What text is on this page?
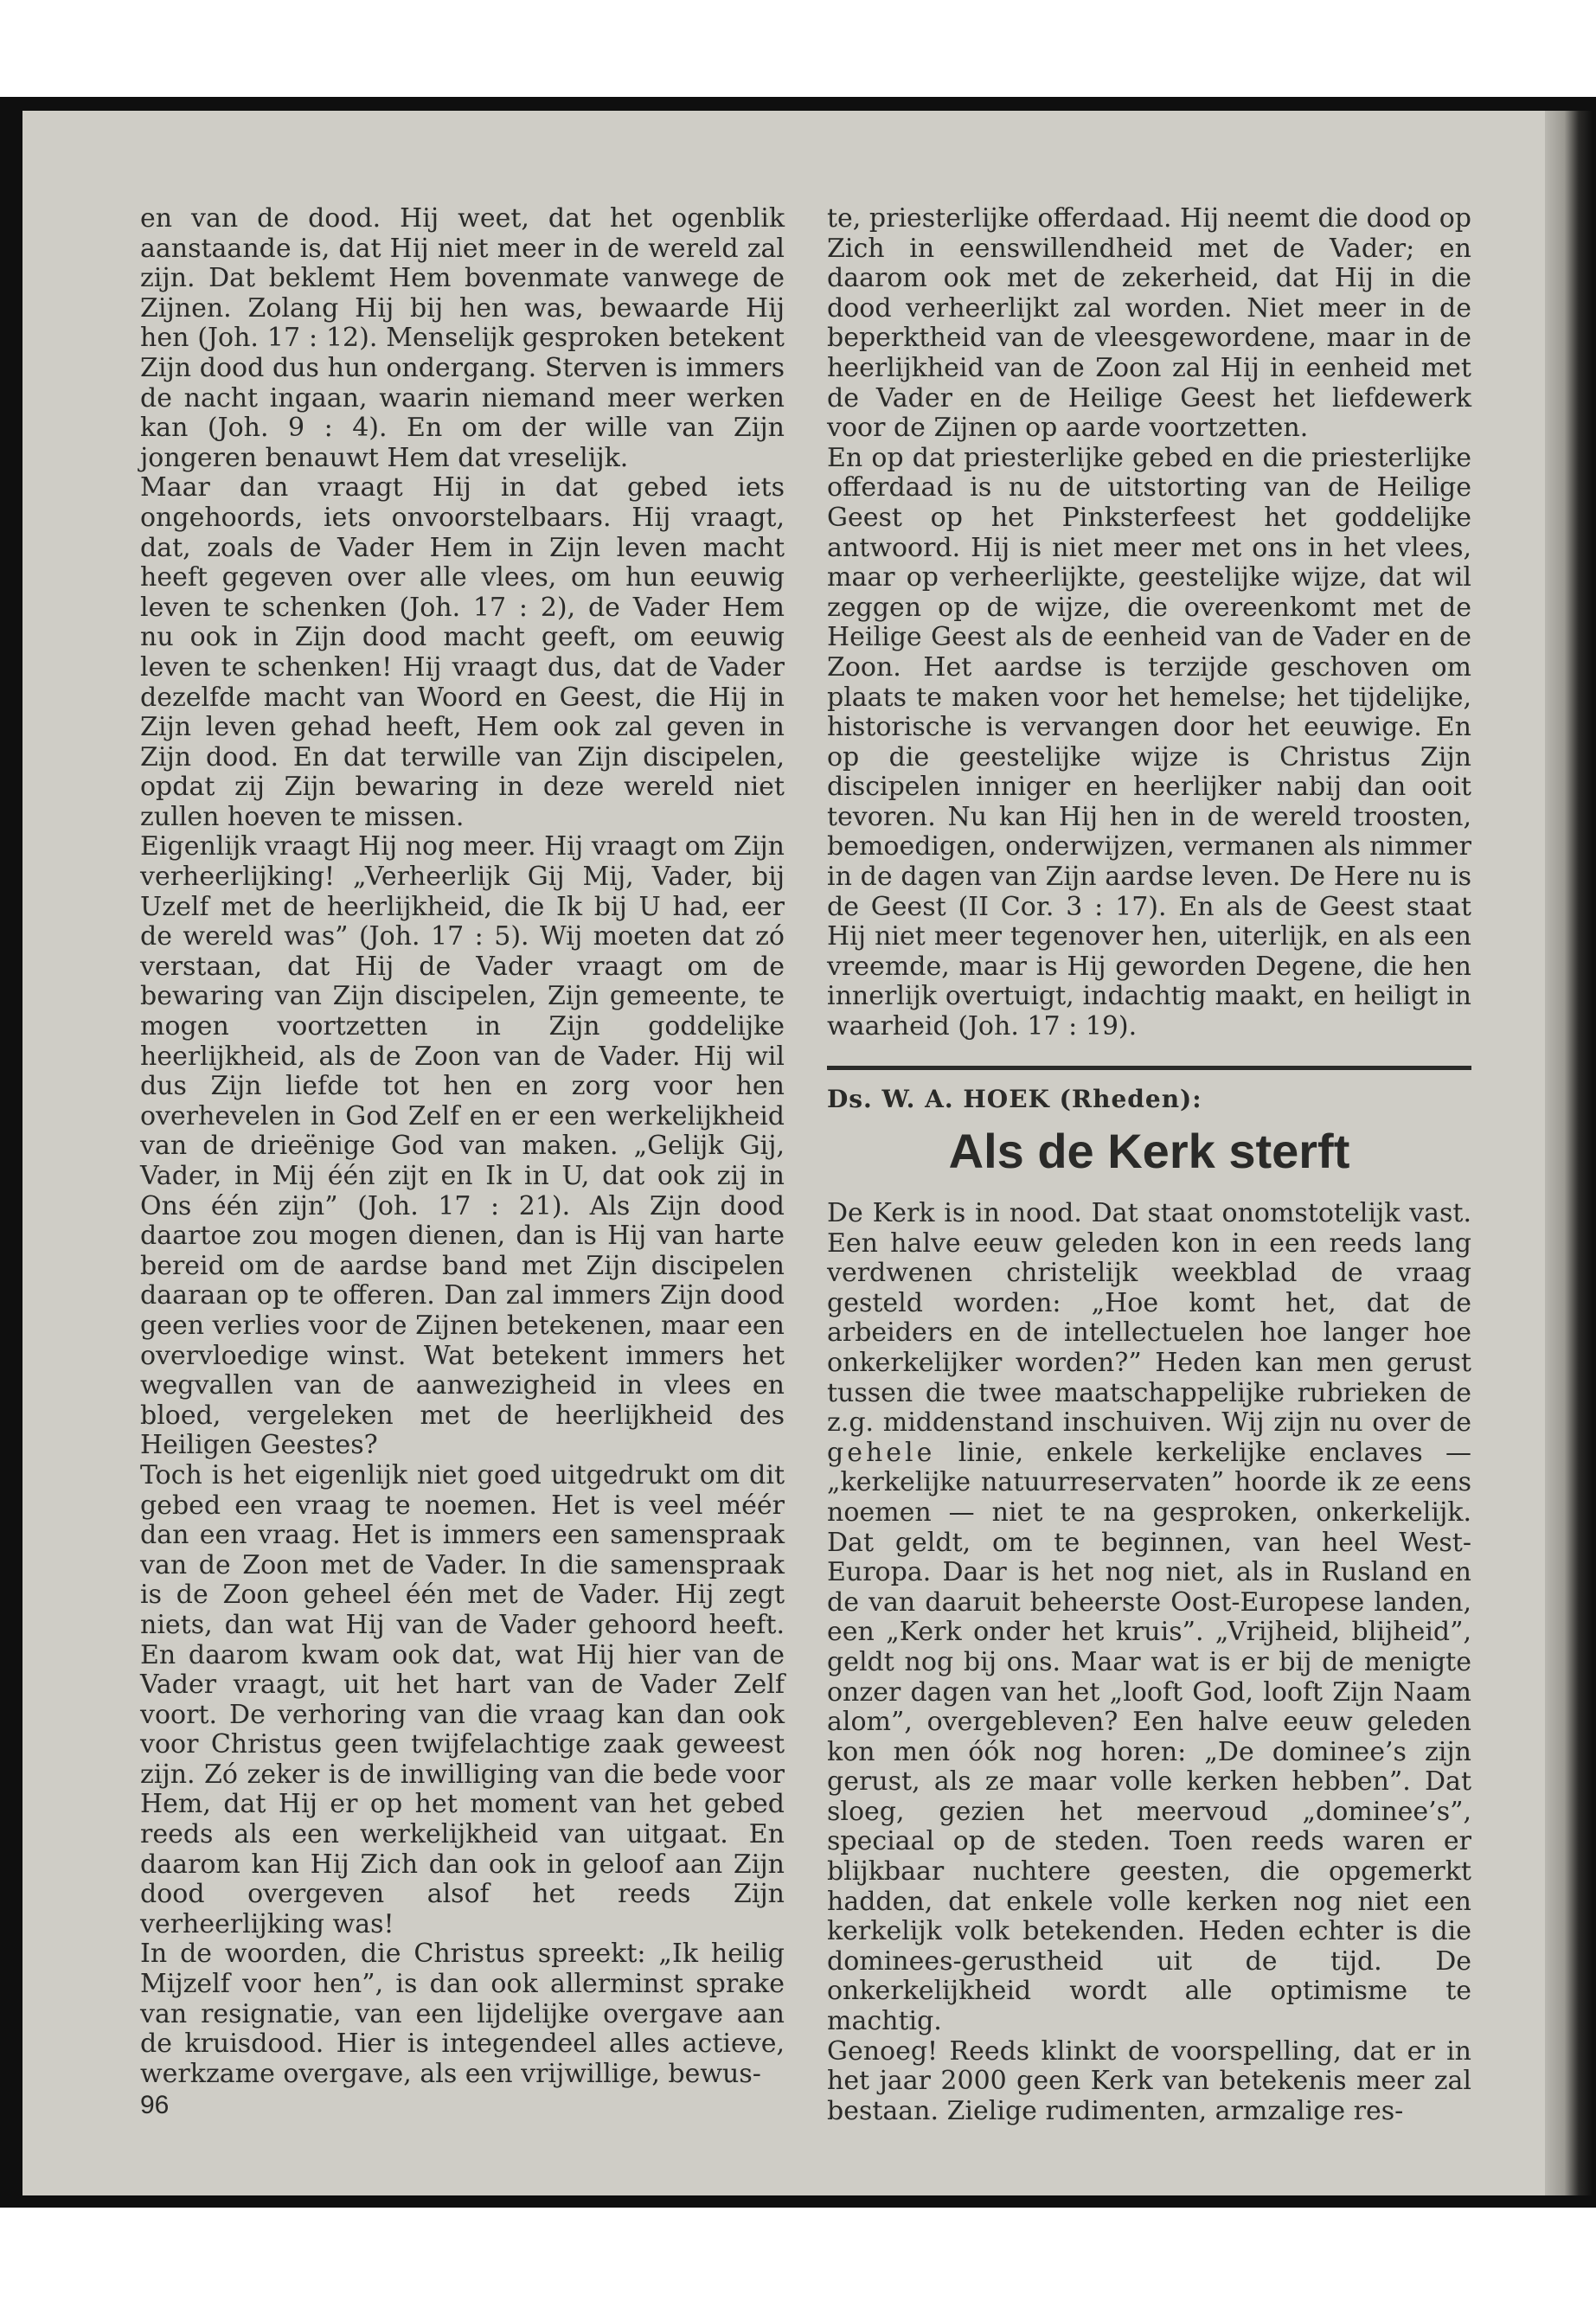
en van de dood. Hij weet, dat het ogenblik aanstaande is, dat Hij niet meer in de wereld zal zijn. Dat beklemt Hem bovenmate vanwege de Zijnen. Zolang Hij bij hen was, bewaarde Hij hen (Joh. 17 : 12). Menselijk gesproken betekent Zijn dood dus hun ondergang. Sterven is immers de nacht ingaan, waarin niemand meer werken kan (Joh. 9 : 4). En om der wille van Zijn jongeren benauwt Hem dat vreselijk.

Maar dan vraagt Hij in dat gebed iets ongehoords, iets onvoorstelbaars. Hij vraagt, dat, zoals de Vader Hem in Zijn leven macht heeft gegeven over alle vlees, om hun eeuwig leven te schenken (Joh. 17 : 2), de Vader Hem nu ook in Zijn dood macht geeft, om eeuwig leven te schenken! Hij vraagt dus, dat de Vader dezelfde macht van Woord en Geest, die Hij in Zijn leven gehad heeft, Hem ook zal geven in Zijn dood. En dat terwille van Zijn discipelen, opdat zij Zijn bewaring in deze wereld niet zullen hoeven te missen.

Eigenlijk vraagt Hij nog meer. Hij vraagt om Zijn verheerlijking! „Verheerlijk Gij Mij, Vader, bij Uzelf met de heerlijkheid, die Ik bij U had, eer de wereld was” (Joh. 17 : 5). Wij moeten dat zó verstaan, dat Hij de Vader vraagt om de bewaring van Zijn discipelen, Zijn gemeente, te mogen voortzetten in Zijn goddelijke heerlijkheid, als de Zoon van de Vader. Hij wil dus Zijn liefde tot hen en zorg voor hen overhevelen in God Zelf en er een werkelijkheid van de drieënige God van maken. „Gelijk Gij, Vader, in Mij één zijt en Ik in U, dat ook zij in Ons één zijn” (Joh. 17 : 21). Als Zijn dood daartoe zou mogen dienen, dan is Hij van harte bereid om de aardse band met Zijn discipelen daaraan op te offeren. Dan zal immers Zijn dood geen verlies voor de Zijnen betekenen, maar een overvloedige winst. Wat betekent immers het wegvallen van de aanwezigheid in vlees en bloed, vergeleken met de heerlijkheid des Heiligen Geestes?

Toch is het eigenlijk niet goed uitgedrukt om dit gebed een vraag te noemen. Het is veel méér dan een vraag. Het is immers een samenspraak van de Zoon met de Vader. In die samenspraak is de Zoon geheel één met de Vader. Hij zegt niets, dan wat Hij van de Vader gehoord heeft. En daarom kwam ook dat, wat Hij hier van de Vader vraagt, uit het hart van de Vader Zelf voort. De verhoring van die vraag kan dan ook voor Christus geen twijfelachtige zaak geweest zijn. Zó zeker is de inwilliging van die bede voor Hem, dat Hij er op het moment van het gebed reeds als een werkelijkheid van uitgaat. En daarom kan Hij Zich dan ook in geloof aan Zijn dood overgeven alsof het reeds Zijn verheerlijking was!

In de woorden, die Christus spreekt: „Ik heilig Mijzelf voor hen”, is dan ook allerminst sprake van resignatie, van een lijdelijke overgave aan de kruisdood. Hier is integendeel alles actieve, werkzame overgave, als een vrijwillige, bewus-

96

te, priesterlijke offerdaad. Hij neemt die dood op Zich in eenswillendheid met de Vader; en daarom ook met de zekerheid, dat Hij in die dood verheerlijkt zal worden. Niet meer in de beperktheid van de vleesgewordene, maar in de heerlijkheid van de Zoon zal Hij in eenheid met de Vader en de Heilige Geest het liefdewerk voor de Zijnen op aarde voortzetten.

En op dat priesterlijke gebed en die priesterlijke offerdaad is nu de uitstorting van de Heilige Geest op het Pinksterfeest het goddelijke antwoord. Hij is niet meer met ons in het vlees, maar op verheerlijkte, geestelijke wijze, dat wil zeggen op de wijze, die overeenkomt met de Heilige Geest als de eenheid van de Vader en de Zoon. Het aardse is terzijde geschoven om plaats te maken voor het hemelse; het tijdelijke, historische is vervangen door het eeuwige. En op die geestelijke wijze is Christus Zijn discipelen inniger en heerlijker nabij dan ooit tevoren. Nu kan Hij hen in de wereld troosten, bemoedigen, onderwijzen, vermanen als nimmer in de dagen van Zijn aardse leven. De Here nu is de Geest (II Cor. 3 : 17). En als de Geest staat Hij niet meer tegenover hen, uiterlijk, en als een vreemde, maar is Hij geworden Degene, die hen innerlijk overtuigt, indachtig maakt, en heiligt in waarheid (Joh. 17 : 19).

Ds. W. A. HOEK (Rheden):

Als de Kerk sterft

De Kerk is in nood. Dat staat onomstotelijk vast. Een halve eeuw geleden kon in een reeds lang verdwenen christelijk weekblad de vraag gesteld worden: „Hoe komt het, dat de arbeiders en de intellectuelen hoe langer hoe onkerkelijker worden?” Heden kan men gerust tussen die twee maatschappelijke rubrieken de z.g. middenstand inschuiven. Wij zijn nu over de gehele linie, enkele kerkelijke enclaves — „kerkelijke natuurreservaten” hoorde ik ze eens noemen — niet te na gesproken, onkerkelijk. Dat geldt, om te beginnen, van heel West-Europa. Daar is het nog niet, als in Rusland en de van daaruit beheerste Oost-Europese landen, een „Kerk onder het kruis”. „Vrijheid, blijheid”, geldt nog bij ons. Maar wat is er bij de menigte onzer dagen van het „looft God, looft Zijn Naam alom”, overgebleven? Een halve eeuw geleden kon men óók nog horen: „De dominee’s zijn gerust, als ze maar volle kerken hebben”. Dat sloeg, gezien het meervoud „dominee’s”, speciaal op de steden. Toen reeds waren er blijkbaar nuchtere geesten, die opgemerkt hadden, dat enkele volle kerken nog niet een kerkelijk volk betekenden. Heden echter is die dominees-gerustheid uit de tijd. De onkerkelijkheid wordt alle optimisme te machtig.

Genoeg! Reeds klinkt de voorspelling, dat er in het jaar 2000 geen Kerk van betekenis meer zal bestaan. Zielige rudimenten, armzalige res-
